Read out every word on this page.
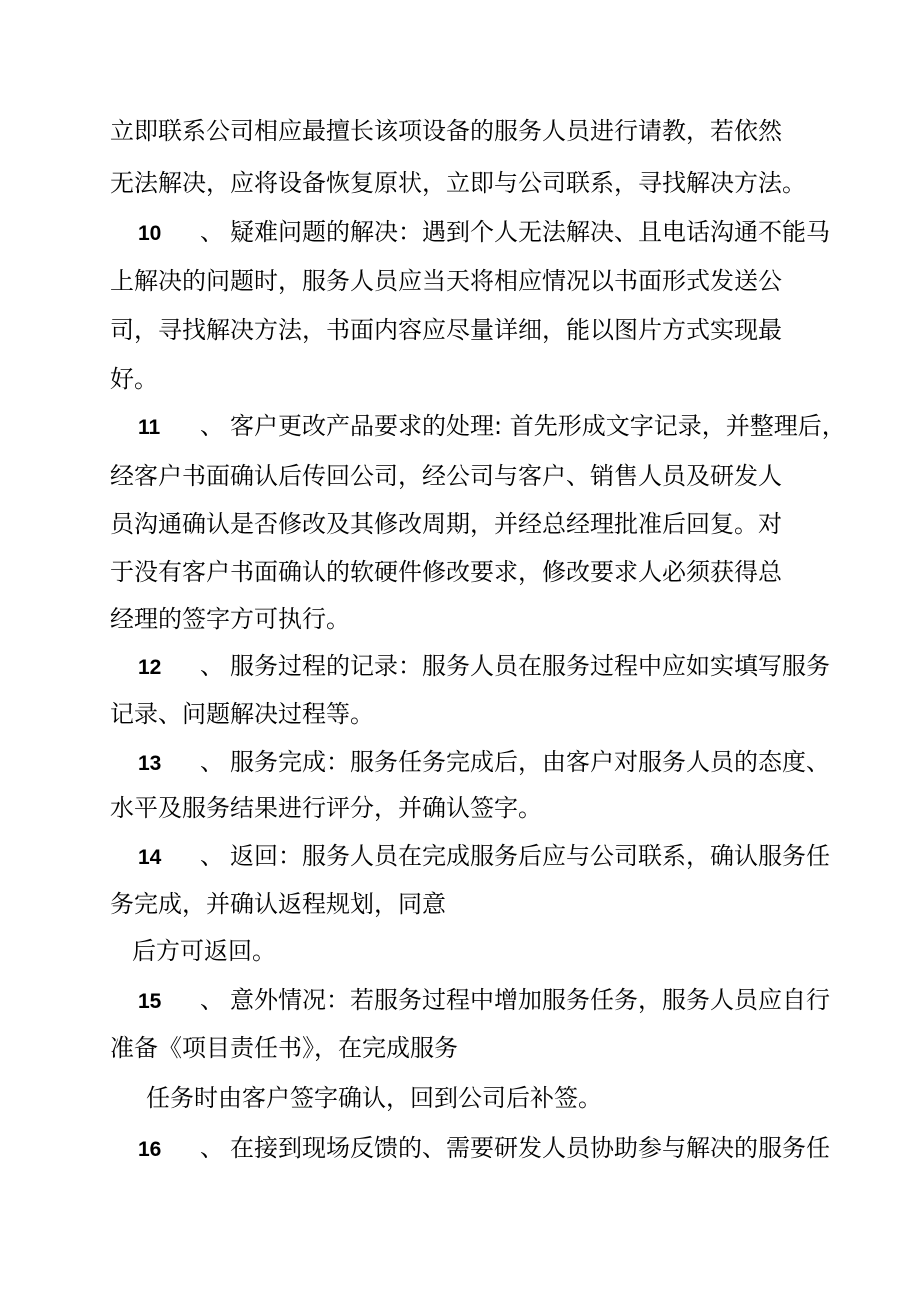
立即联系公司相应最擅长该项设备的服务人员进行请教，若依然
无法解决，应将设备恢复原状，立即与公司联系，寻找解决方法。
10 、 疑难问题的解决：遇到个人无法解决、且电话沟通不能马
上解决的问题时，服务人员应当天将相应情况以书面形式发送公
司，寻找解决方法，书面内容应尽量详细，能以图片方式实现最
好。
11 、 客户更改产品要求的处理: 首先形成文字记录，并整理后，
经客户书面确认后传回公司，经公司与客户、销售人员及研发人
员沟通确认是否修改及其修改周期，并经总经理批准后回复。对
于没有客户书面确认的软硬件修改要求，修改要求人必须获得总
经理的签字方可执行。
12 、 服务过程的记录：服务人员在服务过程中应如实填写服务
记录、问题解决过程等。
13 、 服务完成：服务任务完成后，由客户对服务人员的态度、
水平及服务结果进行评分，并确认签字。
14 、 返回：服务人员在完成服务后应与公司联系，确认服务任
务完成，并确认返程规划，同意
后方可返回。
15 、 意外情况：若服务过程中增加服务任务，服务人员应自行
准备《项目责任书》，在完成服务
任务时由客户签字确认，回到公司后补签。
16 、 在接到现场反馈的、需要研发人员协助参与解决的服务任
